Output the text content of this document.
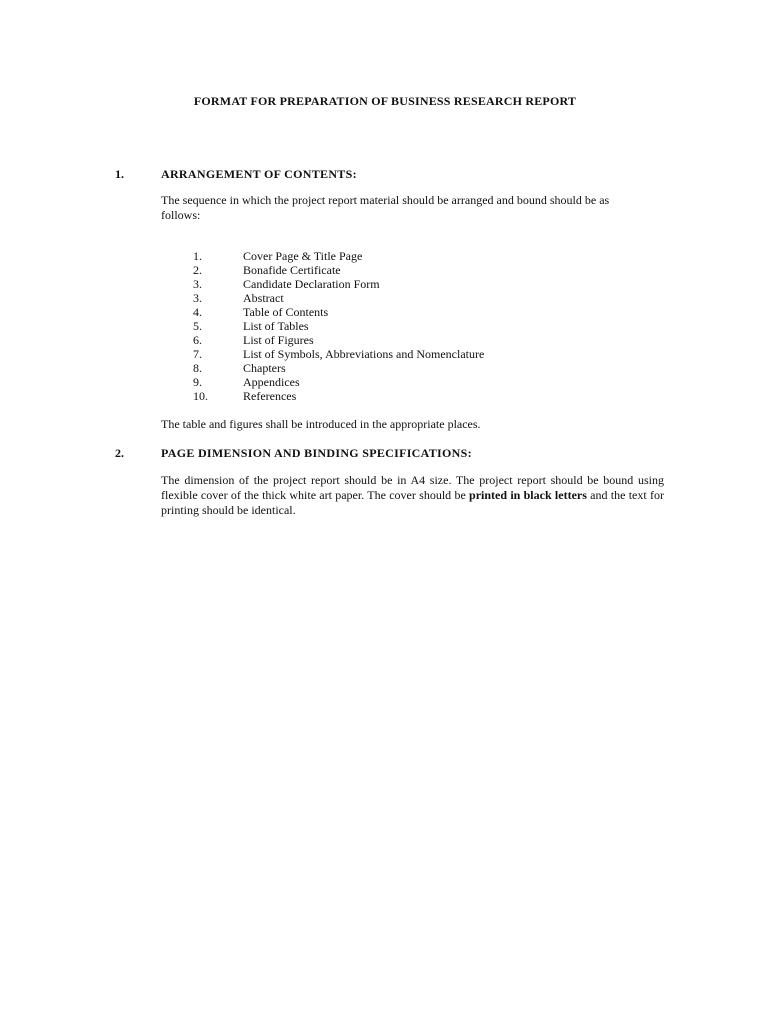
FORMAT FOR PREPARATION OF BUSINESS RESEARCH REPORT
1.	ARRANGEMENT OF CONTENTS:
The sequence in which the project report material should be arranged and bound should be as follows:
1.	Cover Page & Title Page
2.	Bonafide Certificate
3.	Candidate Declaration Form
3.	Abstract
4.	Table of Contents
5.	List of Tables
6.	List of Figures
7.	List of Symbols, Abbreviations and Nomenclature
8.	Chapters
9.	Appendices
10.	References
The table and figures shall be introduced in the appropriate places.
2.	PAGE DIMENSION AND BINDING SPECIFICATIONS:
The dimension of the project report should be in A4 size. The project report should be bound using flexible cover of the thick white art paper. The cover should be printed in black letters and the text for printing should be identical.
